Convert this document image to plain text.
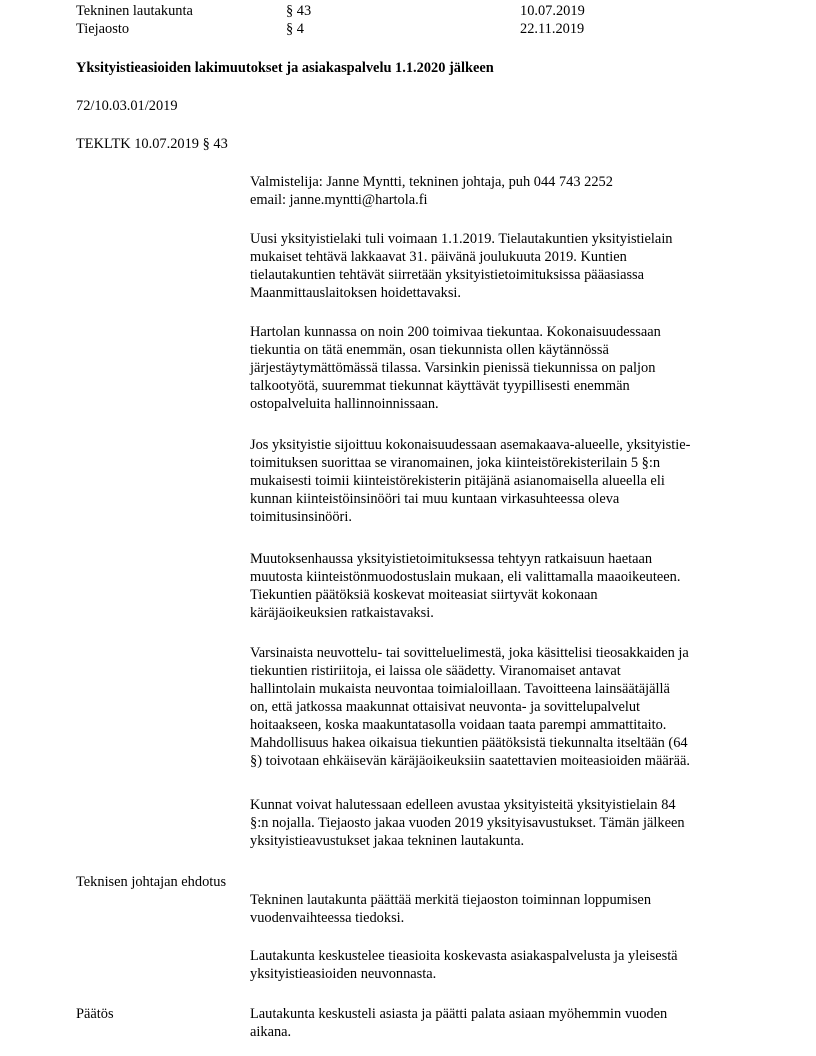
Tekninen lautakunta	§ 43	10.07.2019
Tiejaosto	§ 4	22.11.2019
Yksityistieasioiden lakimuutokset ja asiakaspalvelu 1.1.2020 jälkeen
72/10.03.01/2019
TEKLTK 10.07.2019 § 43
Valmistelija: Janne Myntti, tekninen johtaja, puh 044 743 2252
email: janne.myntti@hartola.fi
Uusi yksityistielaki tuli voimaan 1.1.2019. Tielautakuntien yksityistielain
mukaiset tehtävä lakkaavat 31. päivänä joulukuuta 2019. Kuntien
tielautakuntien tehtävät siirretään yksityistietoimituksissa pääasiassa
Maanmittauslaitoksen hoidettavaksi.
Hartolan kunnassa on noin 200 toimivaa tiekuntaa. Kokonaisuudessaan
tiekuntia on tätä enemmän, osan tiekunnista ollen käytännössä
järjestäytymättömässä tilassa. Varsinkin pienissä tiekunnissa on paljon
talkootyötä, suuremmat tiekunnat käyttävät tyypillisesti enemmän
ostopalveluita hallinnoinnissaan.
Jos yksityistie sijoittuu kokonaisuudessaan asemakaava-alueelle, yksityistie-
toimituksen suorittaa se viranomainen, joka kiinteistörekisterilain 5 §:n
mukaisesti toimii kiinteistörekisterin pitäjänä asianomaisella alueella eli
kunnan kiinteistöinsinööri tai muu kuntaan virkasuhteessa oleva
toimitusinsinööri.
Muutoksenhaussa yksityistietoimituksessa tehtyyn ratkaisuun haetaan
muutosta kiinteistönmuodostuslain mukaan, eli valittamalla maaoikeuteen.
Tiekuntien päätöksiä koskevat moiteasiat siirtyvät kokonaan
käräjäoikeuksien ratkaistavaksi.
Varsinaista neuvottelu- tai sovitteluelimestä, joka käsittelisi tieosakkaiden ja
tiekuntien ristiriitoja, ei laissa ole säädetty. Viranomaiset antavat
hallintolain mukaista neuvontaa toimialoillaan. Tavoitteena lainsäätäjällä
on, että jatkossa maakunnat ottaisivat neuvonta- ja sovittelupalvelut
hoitaakseen, koska maakuntatasolla voidaan taata parempi ammattitaito.
Mahdollisuus hakea oikaisua tiekuntien päätöksistä tiekunnalta itseltään (64
§) toivotaan ehkäisevän käräjäoikeuksiin saatettavien moiteasioiden määrää.
Kunnat voivat halutessaan edelleen avustaa yksityisteitä yksityistielain 84
§:n nojalla. Tiejaosto jakaa vuoden 2019 yksityisavustukset. Tämän jälkeen
yksityistieavustukset jakaa tekninen lautakunta.
Teknisen johtajan ehdotus
Tekninen lautakunta päättää merkitä tiejaoston toiminnan loppumisen
vuodenvaihteessa tiedoksi.
Lautakunta keskustelee tieasioita koskevasta asiakaspalvelusta ja yleisestä
yksityistieasioiden neuvonnasta.
Päätös	Lautakunta keskusteli asiasta ja päätti palata asiaan myöhemmin vuoden
aikana.
